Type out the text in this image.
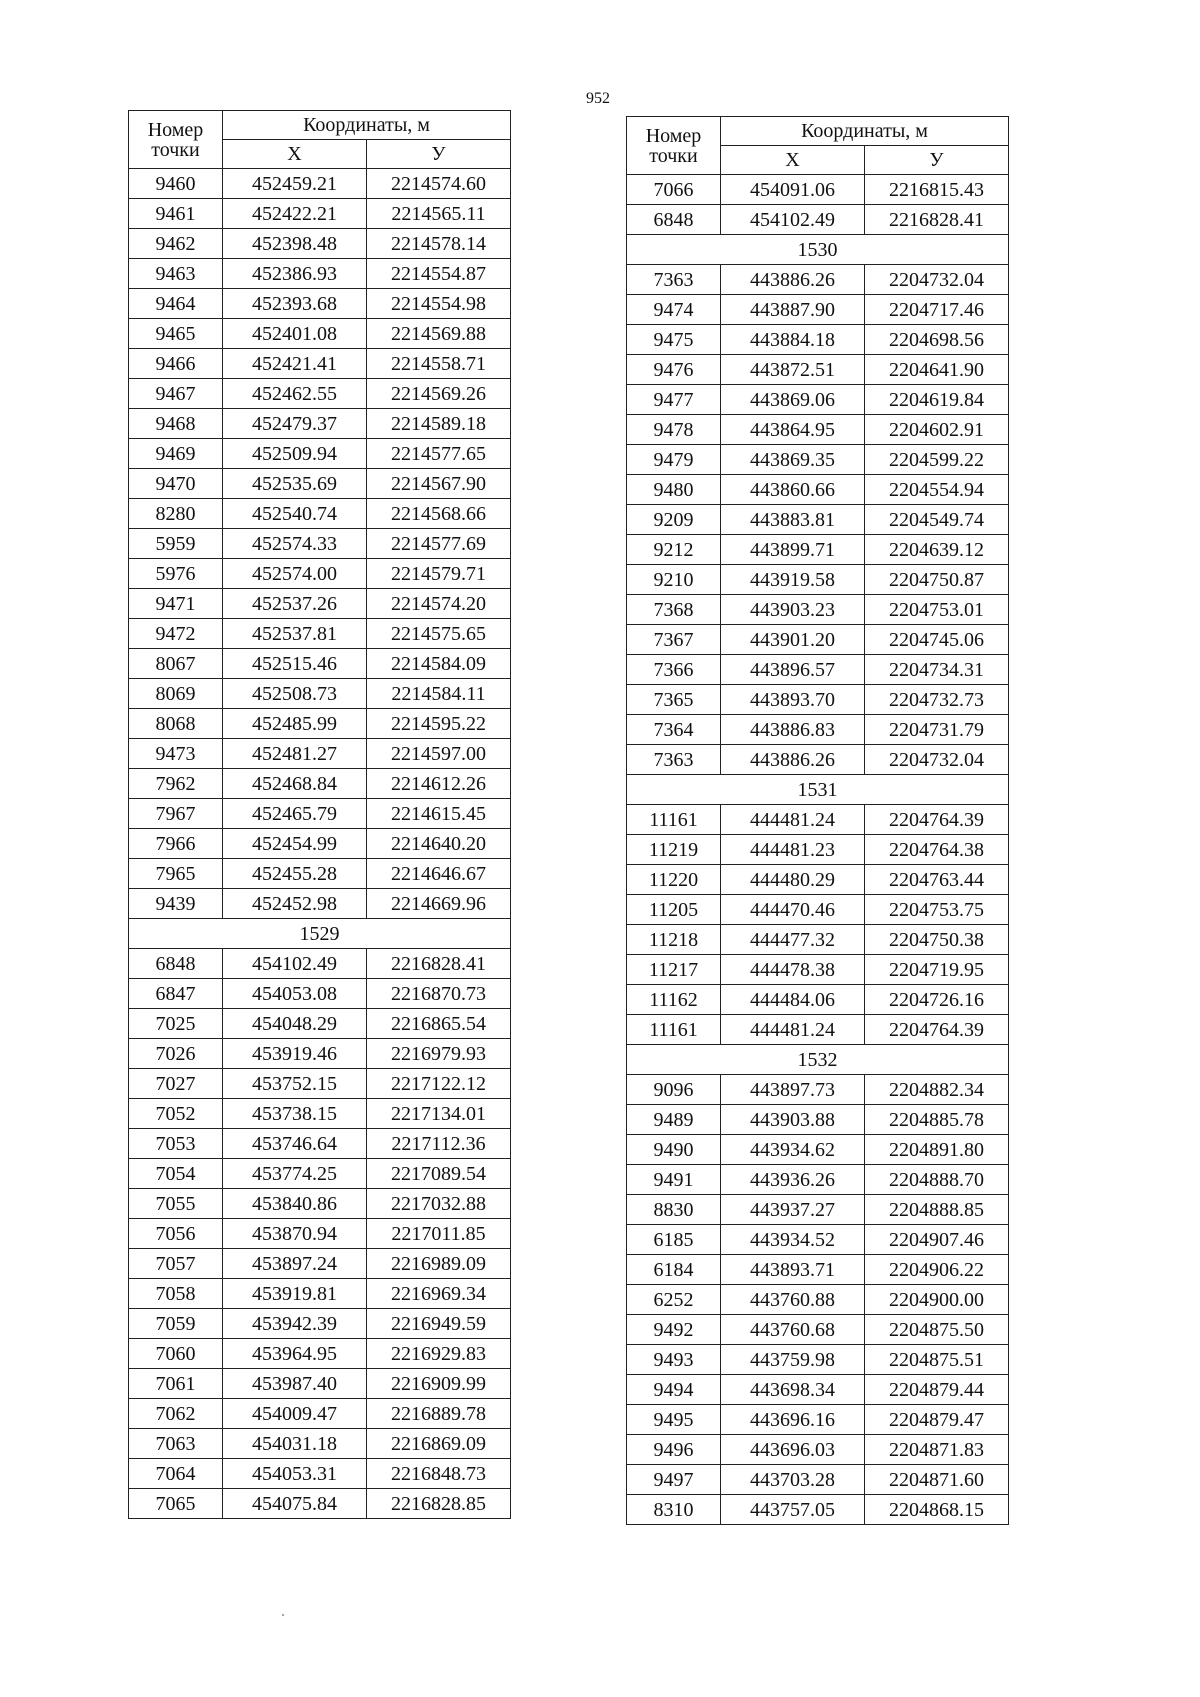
952
Номер
точки	Координаты, м	
	X	У
9460	452459.21	2214574.60
9461	452422.21	2214565.11
9462	452398.48	2214578.14
9463	452386.93	2214554.87
9464	452393.68	2214554.98
9465	452401.08	2214569.88
9466	452421.41	2214558.71
9467	452462.55	2214569.26
9468	452479.37	2214589.18
9469	452509.94	2214577.65
9470	452535.69	2214567.90
8280	452540.74	2214568.66
5959	452574.33	2214577.69
5976	452574.00	2214579.71
9471	452537.26	2214574.20
9472	452537.81	2214575.65
8067	452515.46	2214584.09
8069	452508.73	2214584.11
8068	452485.99	2214595.22
9473	452481.27	2214597.00
7962	452468.84	2214612.26
7967	452465.79	2214615.45
7966	452454.99	2214640.20
7965	452455.28	2214646.67
9439	452452.98	2214669.96
1529		
6848	454102.49	2216828.41
6847	454053.08	2216870.73
7025	454048.29	2216865.54
7026	453919.46	2216979.93
7027	453752.15	2217122.12
7052	453738.15	2217134.01
7053	453746.64	2217112.36
7054	453774.25	2217089.54
7055	453840.86	2217032.88
7056	453870.94	2217011.85
7057	453897.24	2216989.09
7058	453919.81	2216969.34
7059	453942.39	2216949.59
7060	453964.95	2216929.83
7061	453987.40	2216909.99
7062	454009.47	2216889.78
7063	454031.18	2216869.09
7064	454053.31	2216848.73
7065	454075.84	2216828.85
Номер
точки	Координаты, м	
	X	У
7066	454091.06	2216815.43
6848	454102.49	2216828.41
1530		
7363	443886.26	2204732.04
9474	443887.90	2204717.46
9475	443884.18	2204698.56
9476	443872.51	2204641.90
9477	443869.06	2204619.84
9478	443864.95	2204602.91
9479	443869.35	2204599.22
9480	443860.66	2204554.94
9209	443883.81	2204549.74
9212	443899.71	2204639.12
9210	443919.58	2204750.87
7368	443903.23	2204753.01
7367	443901.20	2204745.06
7366	443896.57	2204734.31
7365	443893.70	2204732.73
7364	443886.83	2204731.79
7363	443886.26	2204732.04
1531		
11161	444481.24	2204764.39
11219	444481.23	2204764.38
11220	444480.29	2204763.44
11205	444470.46	2204753.75
11218	444477.32	2204750.38
11217	444478.38	2204719.95
11162	444484.06	2204726.16
11161	444481.24	2204764.39
1532		
9096	443897.73	2204882.34
9489	443903.88	2204885.78
9490	443934.62	2204891.80
9491	443936.26	2204888.70
8830	443937.27	2204888.85
6185	443934.52	2204907.46
6184	443893.71	2204906.22
6252	443760.88	2204900.00
9492	443760.68	2204875.50
9493	443759.98	2204875.51
9494	443698.34	2204879.44
9495	443696.16	2204879.47
9496	443696.03	2204871.83
9497	443703.28	2204871.60
8310	443757.05	2204868.15
